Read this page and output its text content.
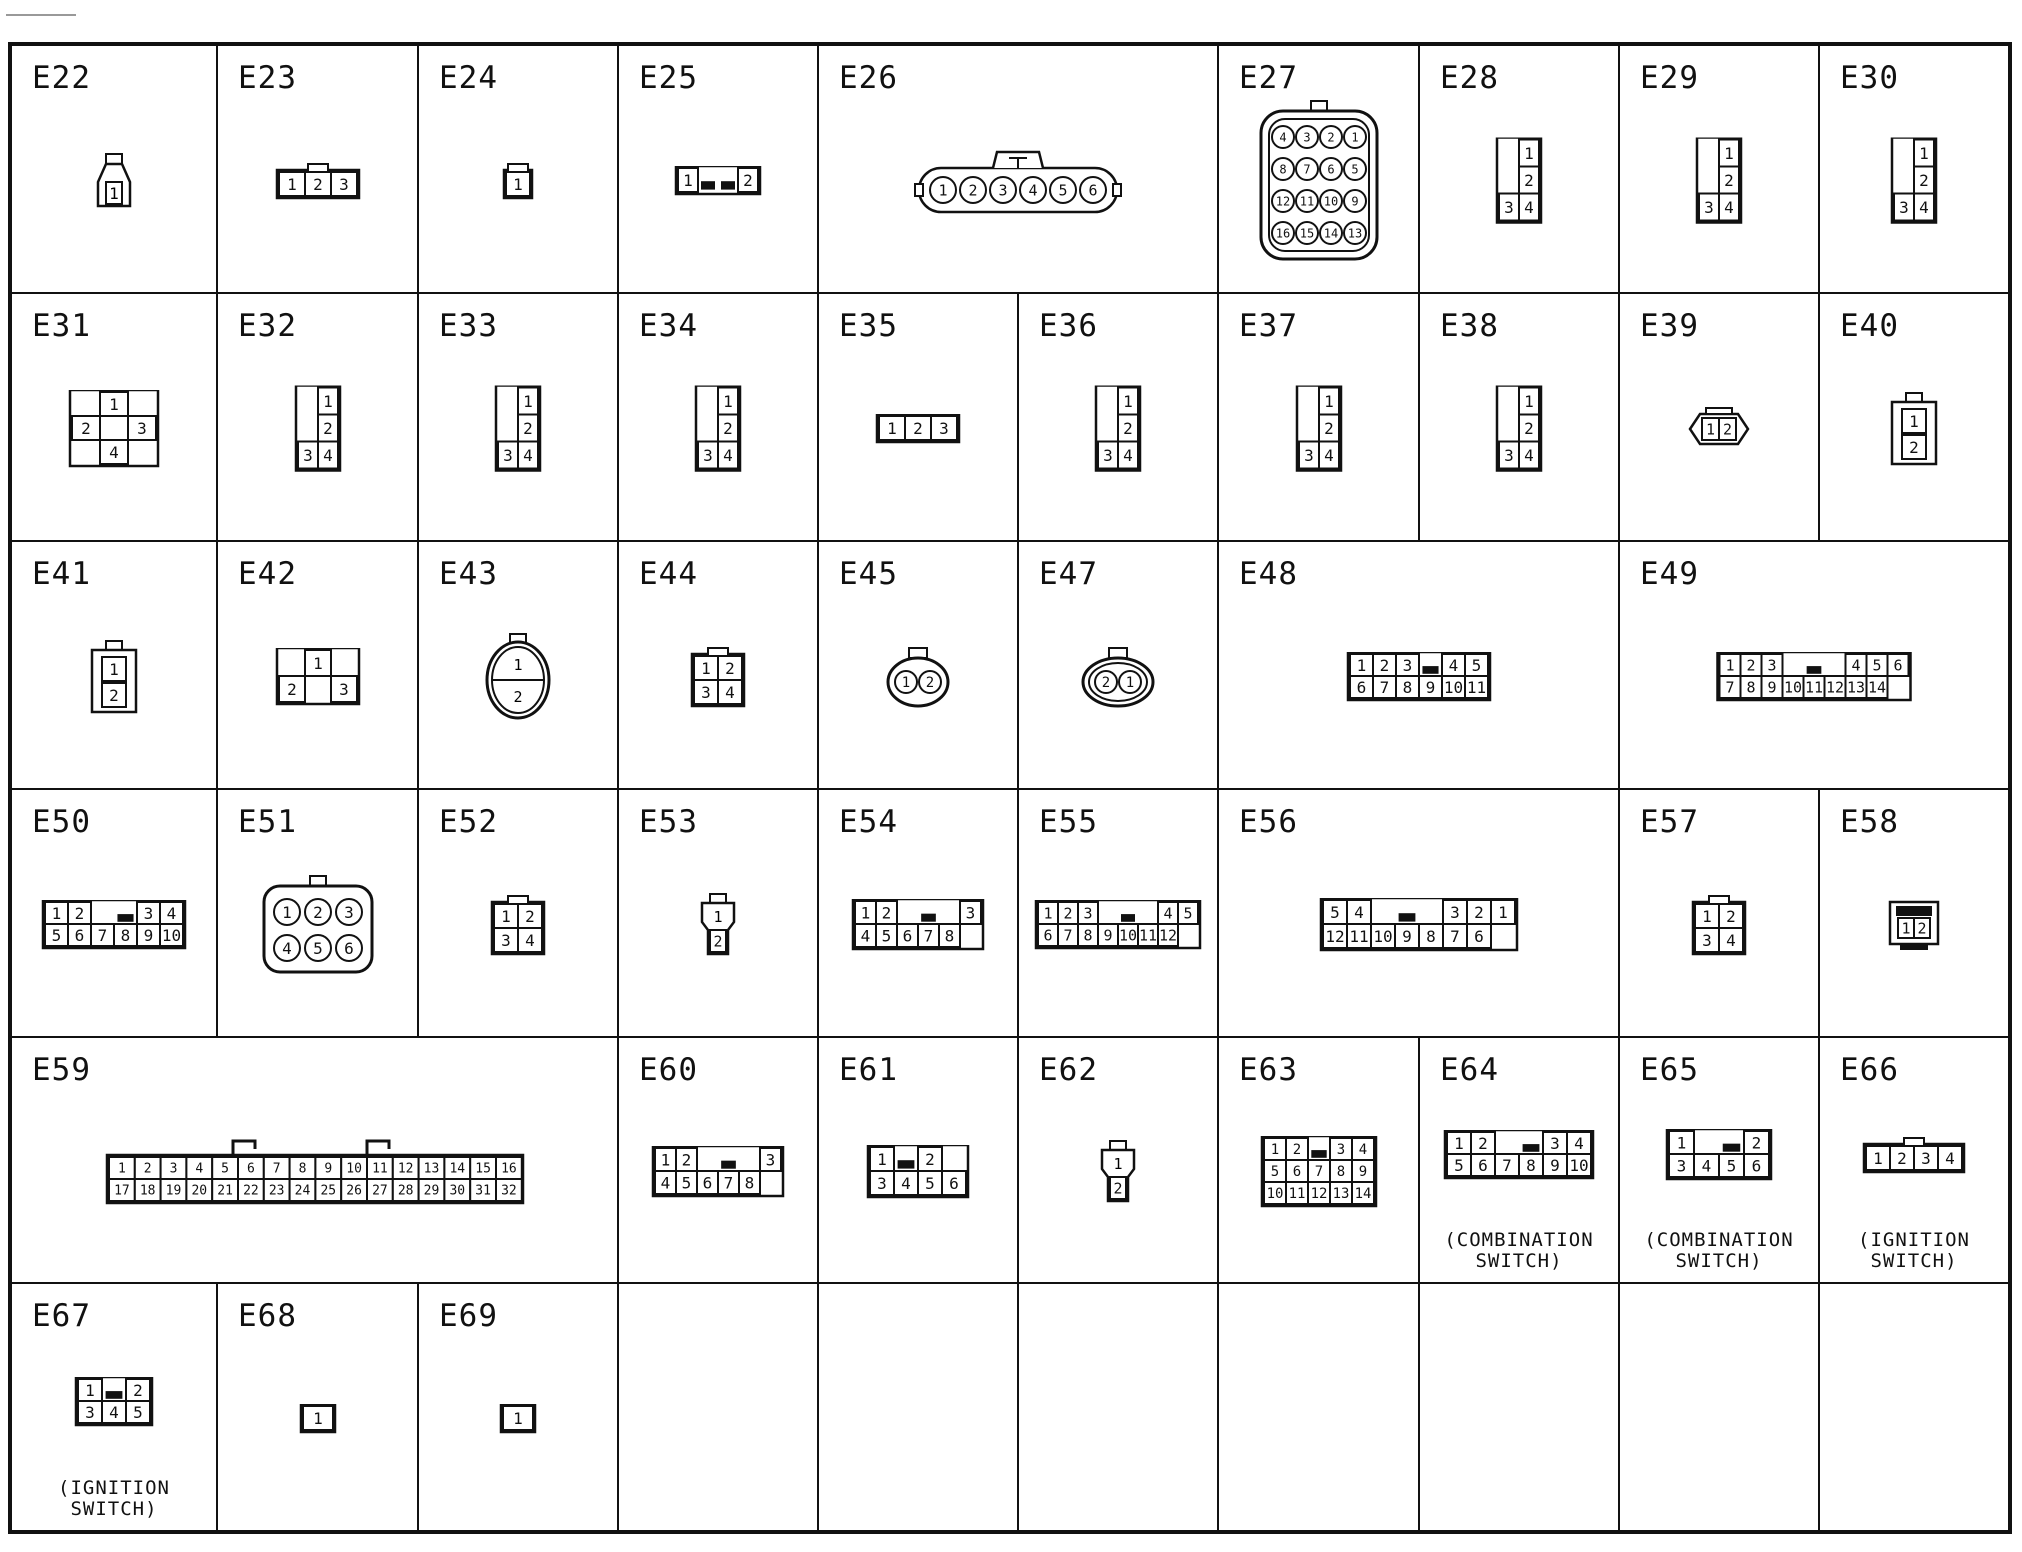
E22
1
E23
1 2 3
E24
1
E25
1	2
E26
1 2 3 4 5 6
E27
4 3 2 1
8 7 6 5
12 11 10 9
16 15 14 13
E28
1
2
3 4
E29
1
2
3 4
E30
1
2
3 4
E31
1
2	3
4
E32
1
2
3 4
E33
1
2
3 4
E34
1
2
3 4
E35
1 2 3
E36
1
2
3 4
E37
1
2
3 4
E38
1
2
3 4
E39
1 2
E40
1
2
E41
1
2
E42
1
2	3
E43
1
2
E44
1 2
3 4
E45
1 2
E47
2 1
E48
1 2 3 4 5
6 7 8 9 10 11
E49
1 2 3	4 5 6
7 8 9 10 11 12 13 14
E50
1 2	3 4
5 6 7 8 9 10
E51
1 2 3
4 5 6
E52
1 2
3 4
E53
1
2
E54
1 2	3
4 5 6 7 8
E55
1 2 3	4 5
6 7 8 9 10 11 12
E56
5 4	3 2 1
12 11 10 9 8 7 6
E57
1 2
3 4
E58
1 2
E59
1 2 3 4 5 6 7 8 9 10 11 12 13 14 15 16
17 18 19 20 21 22 23 24 25 26 27 28 29 30 31 32
E60
1 2	3
4 5 6 7 8
E61
1 2
3 4 5 6
E62
1
2
E63
1 2	3 4
5 6 7 8 9
10 11 12 13 14
E64
1 2	3 4
5 6 7 8 9 10
(COMBINATION
SWITCH)
E65
1	2
3 4 5 6
(COMBINATION
SWITCH)
E66
1 2 3 4
(IGNITION
SWITCH)
E67
1 2
3 4 5
(IGNITION
SWITCH)
E68
1
E69
1
